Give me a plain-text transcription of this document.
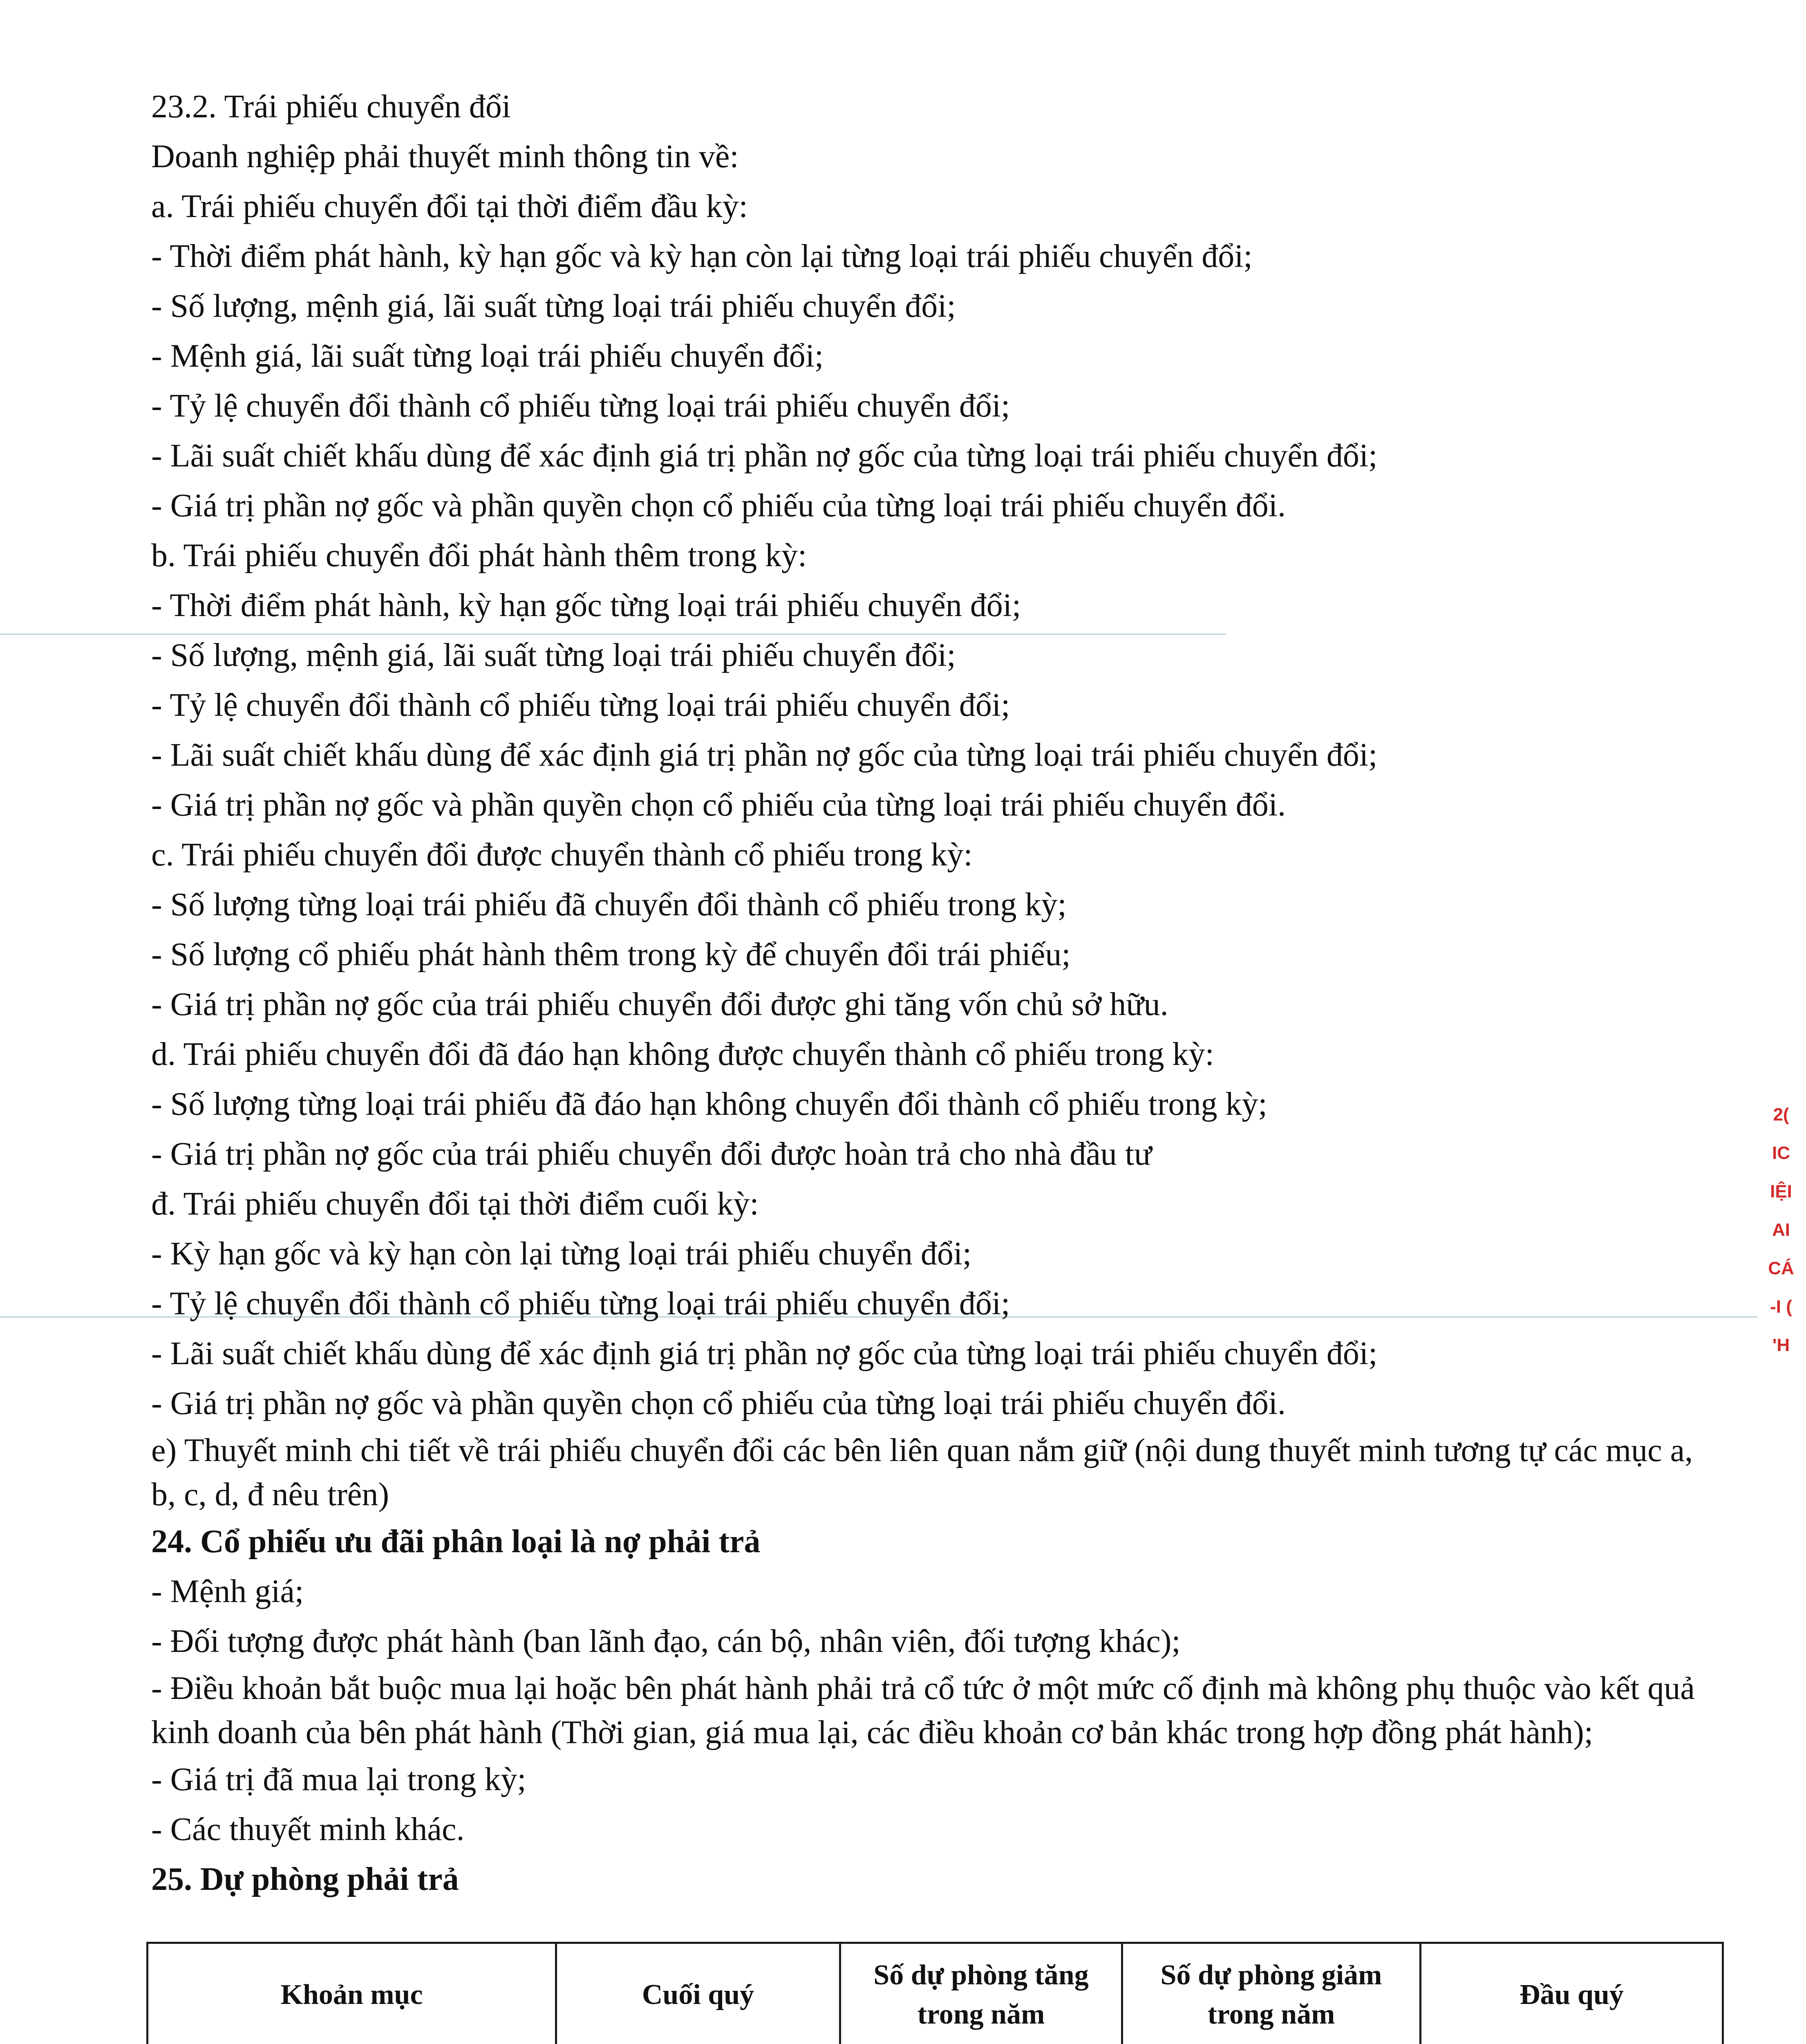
23.2. Trái phiếu chuyển đổi
Doanh nghiệp phải thuyết minh thông tin về:
a. Trái phiếu chuyển đổi tại thời điểm đầu kỳ:
- Thời điểm phát hành, kỳ hạn gốc và kỳ hạn còn lại từng loại trái phiếu chuyển đổi;
- Số lượng, mệnh giá, lãi suất từng loại trái phiếu chuyển đổi;
- Mệnh giá, lãi suất từng loại trái phiếu chuyển đổi;
- Tỷ lệ chuyển đổi thành cổ phiếu từng loại trái phiếu chuyển đổi;
- Lãi suất chiết khấu dùng để xác định giá trị phần nợ gốc của từng loại trái phiếu chuyển đổi;
- Giá trị phần nợ gốc và phần quyền chọn cổ phiếu của từng loại trái phiếu chuyển đổi.
b. Trái phiếu chuyển đổi phát hành thêm trong kỳ:
- Thời điểm phát hành, kỳ hạn gốc từng loại trái phiếu chuyển đổi;
- Số lượng, mệnh giá, lãi suất từng loại trái phiếu chuyển đổi;
- Tỷ lệ chuyển đổi thành cổ phiếu từng loại trái phiếu chuyển đổi;
- Lãi suất chiết khấu dùng để xác định giá trị phần nợ gốc của từng loại trái phiếu chuyển đổi;
- Giá trị phần nợ gốc và phần quyền chọn cổ phiếu của từng loại trái phiếu chuyển đổi.
c. Trái phiếu chuyển đổi được chuyển thành cổ phiếu trong kỳ:
- Số lượng từng loại trái phiếu đã chuyển đổi thành cổ phiếu trong kỳ;
- Số lượng cổ phiếu phát hành thêm trong kỳ để chuyển đổi trái phiếu;
- Giá trị phần nợ gốc của trái phiếu chuyển đổi được ghi tăng vốn chủ sở hữu.
d. Trái phiếu chuyển đổi đã đáo hạn không được chuyển thành cổ phiếu trong kỳ:
- Số lượng từng loại trái phiếu đã đáo hạn không chuyển đổi thành cổ phiếu trong kỳ;
- Giá trị phần nợ gốc của trái phiếu chuyển đổi được hoàn trả cho nhà đầu tư
đ. Trái phiếu chuyển đổi tại thời điểm cuối kỳ:
- Kỳ hạn gốc và kỳ hạn còn lại từng loại trái phiếu chuyển đổi;
- Tỷ lệ chuyển đổi thành cổ phiếu từng loại trái phiếu chuyển đổi;
- Lãi suất chiết khấu dùng để xác định giá trị phần nợ gốc của từng loại trái phiếu chuyển đổi;
- Giá trị phần nợ gốc và phần quyền chọn cổ phiếu của từng loại trái phiếu chuyển đổi.
e) Thuyết minh chi tiết về trái phiếu chuyển đổi các bên liên quan nắm giữ (nội dung thuyết minh tương tự các mục a, b, c, d, đ nêu trên)
24. Cổ phiếu ưu đãi phân loại là nợ phải trả
- Mệnh giá;
- Đối tượng được phát hành (ban lãnh đạo, cán bộ, nhân viên, đối tượng khác);
- Điều khoản bắt buộc mua lại hoặc bên phát hành phải trả cổ tức ở một mức cố định mà không phụ thuộc vào kết quả kinh doanh của bên phát hành (Thời gian, giá mua lại, các điều khoản cơ bản khác trong hợp đồng phát hành);
- Giá trị đã mua lại trong kỳ;
- Các thuyết minh khác.
25. Dự phòng phải trả
Khoản mục	Cuối quý	Số dự phòng tăng trong năm	Số dự phòng giảm trong năm	Đầu quý

2(
IC
IỆI
AI
CÁ
-I (
'H
